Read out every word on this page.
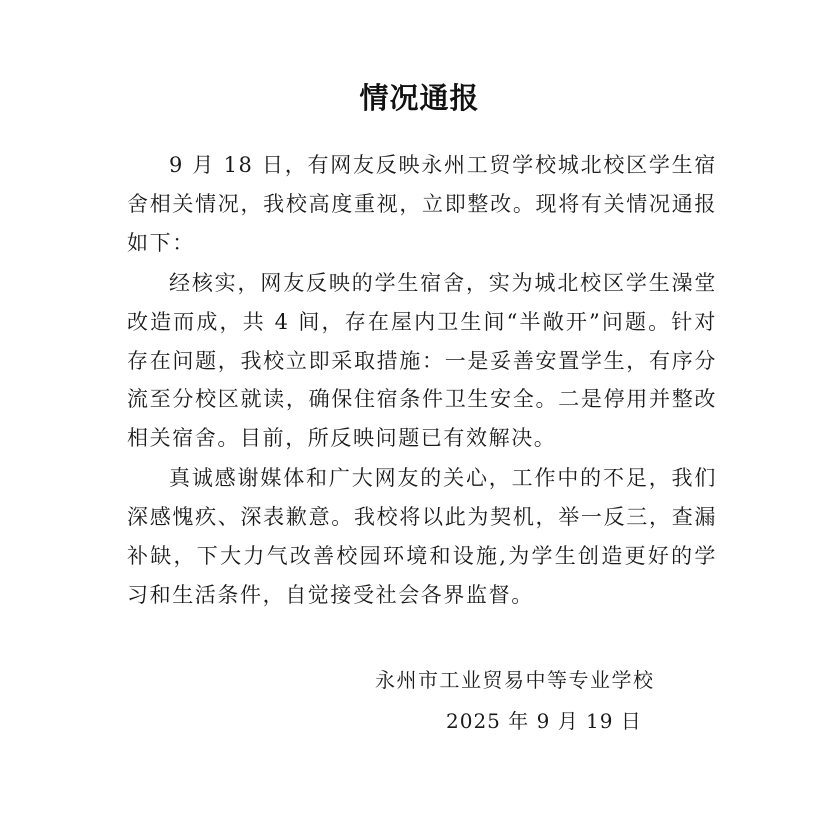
情况通报

9 月 18 日，有网友反映永州工贸学校城北校区学生宿舍相关情况，我校高度重视，立即整改。现将有关情况通报如下：

经核实，网友反映的学生宿舍，实为城北校区学生澡堂改造而成，共 4 间，存在屋内卫生间“半敞开”问题。针对存在问题，我校立即采取措施：一是妥善安置学生，有序分流至分校区就读，确保住宿条件卫生安全。二是停用并整改相关宿舍。目前，所反映问题已有效解决。

真诚感谢媒体和广大网友的关心，工作中的不足，我们深感愧疚、深表歉意。我校将以此为契机，举一反三，查漏补缺，下大力气改善校园环境和设施,为学生创造更好的学习和生活条件，自觉接受社会各界监督。

永州市工业贸易中等专业学校
2025 年 9 月 19 日
